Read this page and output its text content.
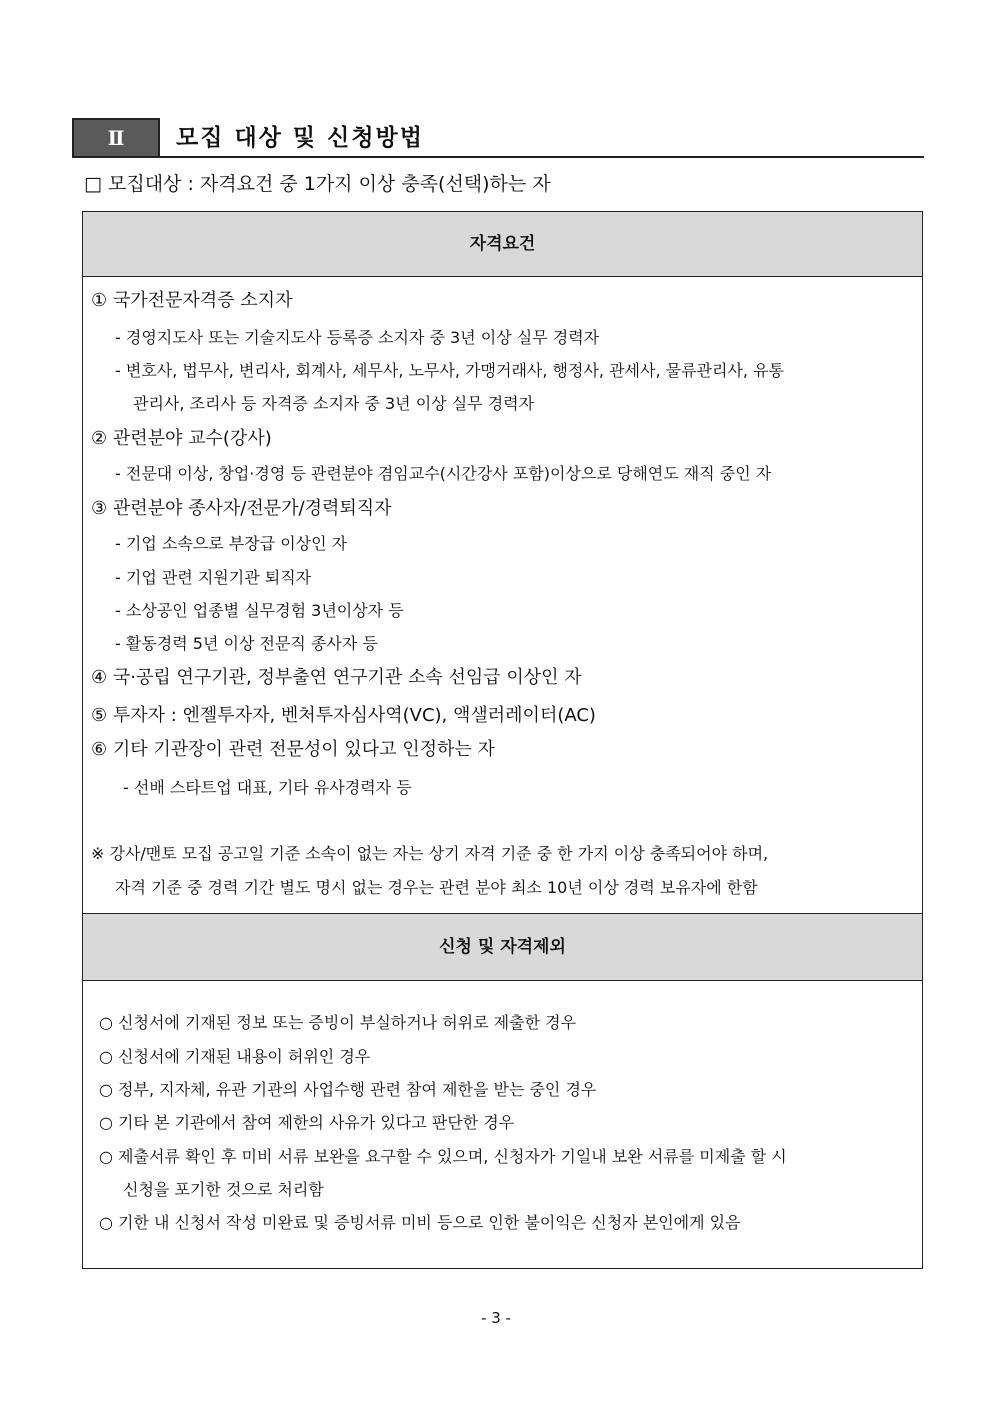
Ⅱ	모집 대상 및 신청방법
□ 모집대상 : 자격요건 중 1가지 이상 충족(선택)하는 자
자격요건
① 국가전문자격증 소지자
- 경영지도사 또는 기술지도사 등록증 소지자 중 3년 이상 실무 경력자
- 변호사, 법무사, 변리사, 회계사, 세무사, 노무사, 가맹거래사, 행정사, 관세사, 물류관리사, 유통
관리사, 조리사 등 자격증 소지자 중 3년 이상 실무 경력자
② 관련분야 교수(강사)
- 전문대 이상, 창업·경영 등 관련분야 겸임교수(시간강사 포함)이상으로 당해연도 재직 중인 자
③ 관련분야 종사자/전문가/경력퇴직자
- 기업 소속으로 부장급 이상인 자
- 기업 관련 지원기관 퇴직자
- 소상공인 업종별 실무경험 3년이상자 등
- 활동경력 5년 이상 전문직 종사자 등
④ 국·공립 연구기관, 정부출연 연구기관 소속 선임급 이상인 자
⑤ 투자자 : 엔젤투자자, 벤처투자심사역(VC), 액샐러레이터(AC)
⑥ 기타 기관장이 관련 전문성이 있다고 인정하는 자
- 선배 스타트업 대표, 기타 유사경력자 등
※ 강사/맨토 모집 공고일 기준 소속이 없는 자는 상기 자격 기준 중 한 가지 이상 충족되어야 하며,
자격 기준 중 경력 기간 별도 명시 없는 경우는 관련 분야 최소 10년 이상 경력 보유자에 한함
신청 및 자격제외
○ 신청서에 기재된 정보 또는 증빙이 부실하거나 허위로 제출한 경우
○ 신청서에 기재된 내용이 허위인 경우
○ 정부, 지자체, 유관 기관의 사업수행 관련 참여 제한을 받는 중인 경우
○ 기타 본 기관에서 참여 제한의 사유가 있다고 판단한 경우
○ 제출서류 확인 후 미비 서류 보완을 요구할 수 있으며, 신청자가 기일내 보완 서류를 미제출 할 시
신청을 포기한 것으로 처리함
○ 기한 내 신청서 작성 미완료 및 증빙서류 미비 등으로 인한 불이익은 신청자 본인에게 있음
- 3 -
